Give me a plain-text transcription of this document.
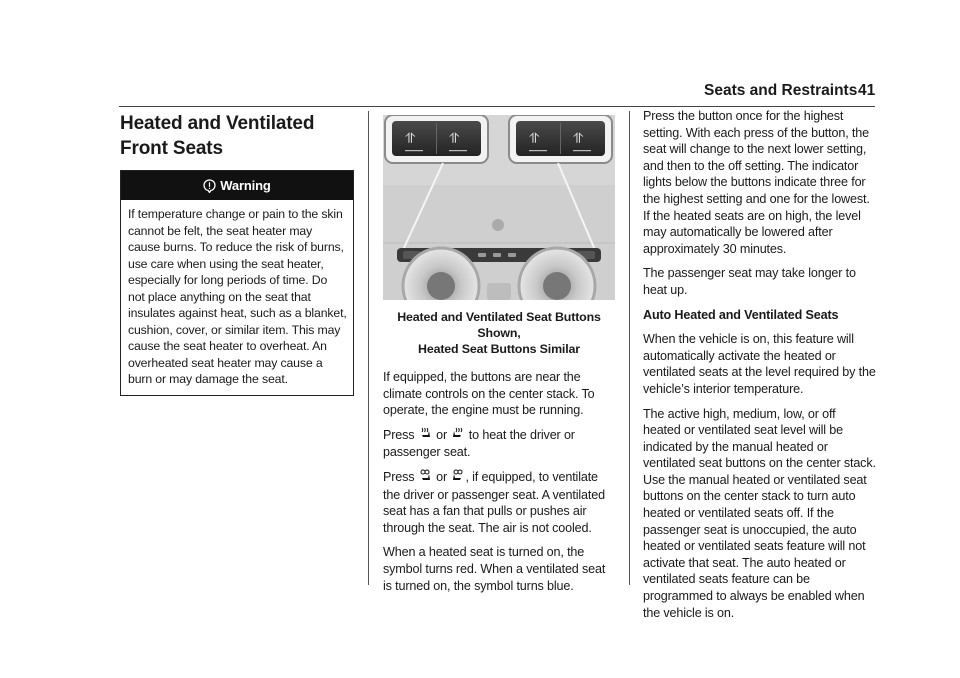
Seats and Restraints 41
Heated and Ventilated Front Seats
Warning
If temperature change or pain to the skin cannot be felt, the seat heater may cause burns. To reduce the risk of burns, use care when using the seat heater, especially for long periods of time. Do not place anything on the seat that insulates against heat, such as a blanket, cushion, cover, or similar item. This may cause the seat heater to overheat. An overheated seat heater may cause a burn or may damage the seat.
⥣ ⥣	⥣ ⥣
Heated and Ventilated Seat Buttons Shown,
Heated Seat Buttons Similar

If equipped, the buttons are near the climate controls on the center stack. To operate, the engine must be running.

Press or to heat the driver or passenger seat.

Press or , if equipped, to ventilate the driver or passenger seat. A ventilated seat has a fan that pulls or pushes air through the seat. The air is not cooled.

When a heated seat is turned on, the symbol turns red. When a ventilated seat is turned on, the symbol turns blue.

Press the button once for the highest setting. With each press of the button, the seat will change to the next lower setting, and then to the off setting. The indicator lights below the buttons indicate three for the highest setting and one for the lowest. If the heated seats are on high, the level may automatically be lowered after approximately 30 minutes.

The passenger seat may take longer to heat up.

Auto Heated and Ventilated Seats

When the vehicle is on, this feature will automatically activate the heated or ventilated seats at the level required by the vehicle’s interior temperature.

The active high, medium, low, or off heated or ventilated seat level will be indicated by the manual heated or ventilated seat buttons on the center stack. Use the manual heated or ventilated seat buttons on the center stack to turn auto heated or ventilated seats off. If the passenger seat is unoccupied, the auto heated or ventilated seats feature will not activate that seat. The auto heated or ventilated seats feature can be programmed to always be enabled when the vehicle is on.
